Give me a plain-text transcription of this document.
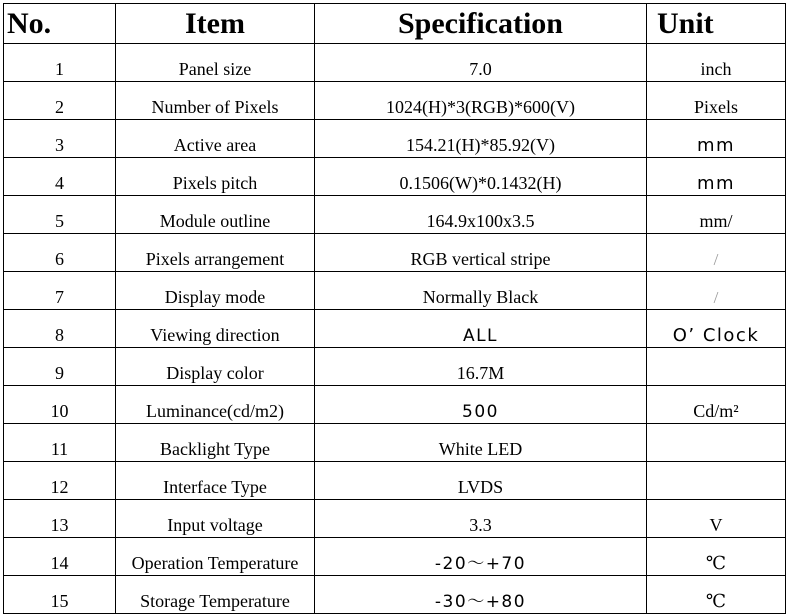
No.	Item	Specification	Unit
1	Panel size	7.0	inch
2	Number of Pixels	1024(H)*3(RGB)*600(V)	Pixels
3	Active area	154.21(H)*85.92(V)	mm
4	Pixels pitch	0.1506(W)*0.1432(H)	mm
5	Module outline	164.9x100x3.5	mm/
6	Pixels arrangement	RGB vertical stripe	/
7	Display mode	Normally Black	/
8	Viewing direction	ALL	O’ Clock
9	Display color	16.7M	
10	Luminance(cd/m2)	500	Cd/m²
11	Backlight Type	White LED	
12	Interface Type	LVDS	
13	Input voltage	3.3	V
14	Operation Temperature	-20～+70	℃
15	Storage Temperature	-30～+80	℃
